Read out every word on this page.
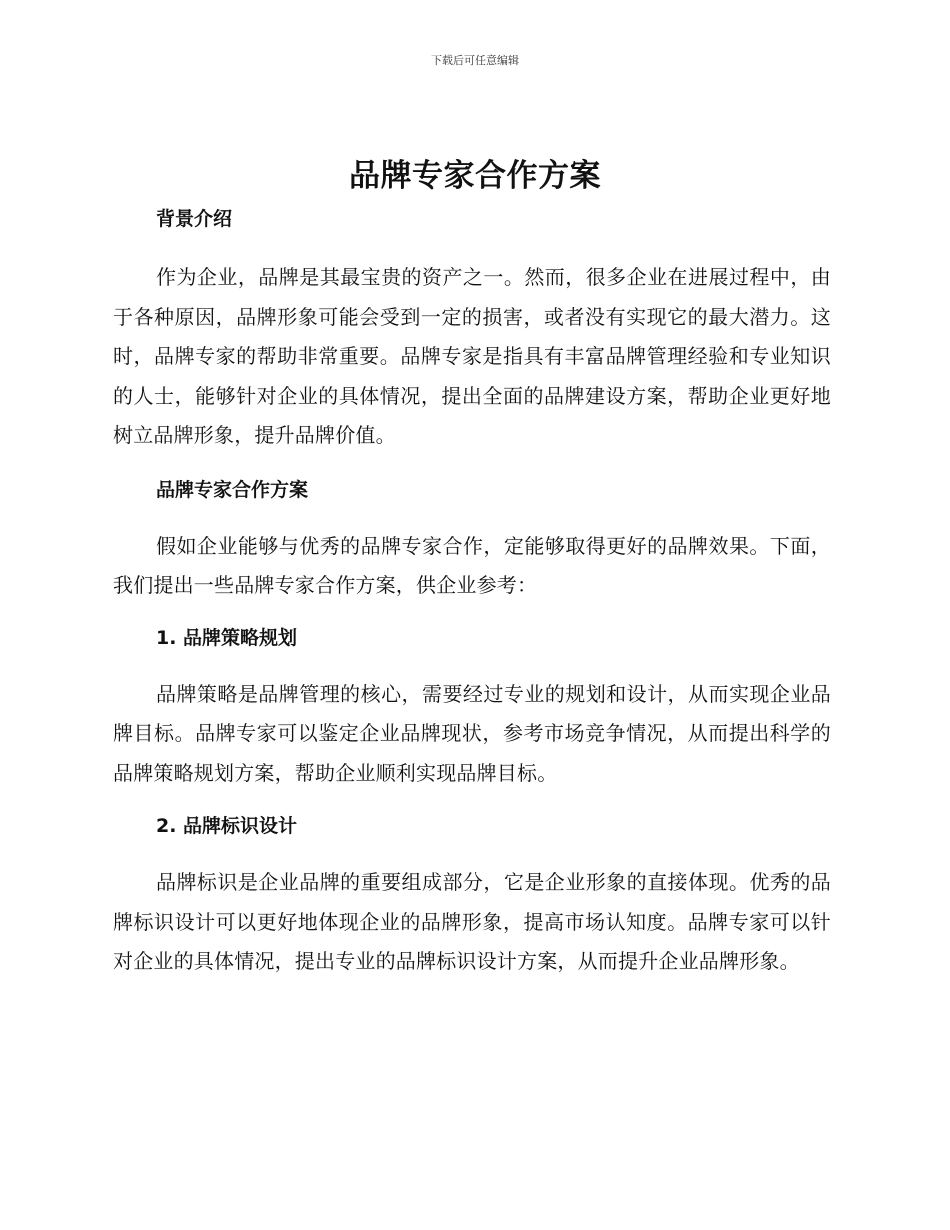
下载后可任意编辑
品牌专家合作方案
背景介绍

作为企业，品牌是其最宝贵的资产之一。然而，很多企业在进展过程中，由于各种原因，品牌形象可能会受到一定的损害，或者没有实现它的最大潜力。这时，品牌专家的帮助非常重要。品牌专家是指具有丰富品牌管理经验和专业知识的人士，能够针对企业的具体情况，提出全面的品牌建设方案，帮助企业更好地树立品牌形象，提升品牌价值。

品牌专家合作方案

假如企业能够与优秀的品牌专家合作，定能够取得更好的品牌效果。下面，我们提出一些品牌专家合作方案，供企业参考：

1. 品牌策略规划

品牌策略是品牌管理的核心，需要经过专业的规划和设计，从而实现企业品牌目标。品牌专家可以鉴定企业品牌现状，参考市场竞争情况，从而提出科学的品牌策略规划方案，帮助企业顺利实现品牌目标。

2. 品牌标识设计

品牌标识是企业品牌的重要组成部分，它是企业形象的直接体现。优秀的品牌标识设计可以更好地体现企业的品牌形象，提高市场认知度。品牌专家可以针对企业的具体情况，提出专业的品牌标识设计方案，从而提升企业品牌形象。
